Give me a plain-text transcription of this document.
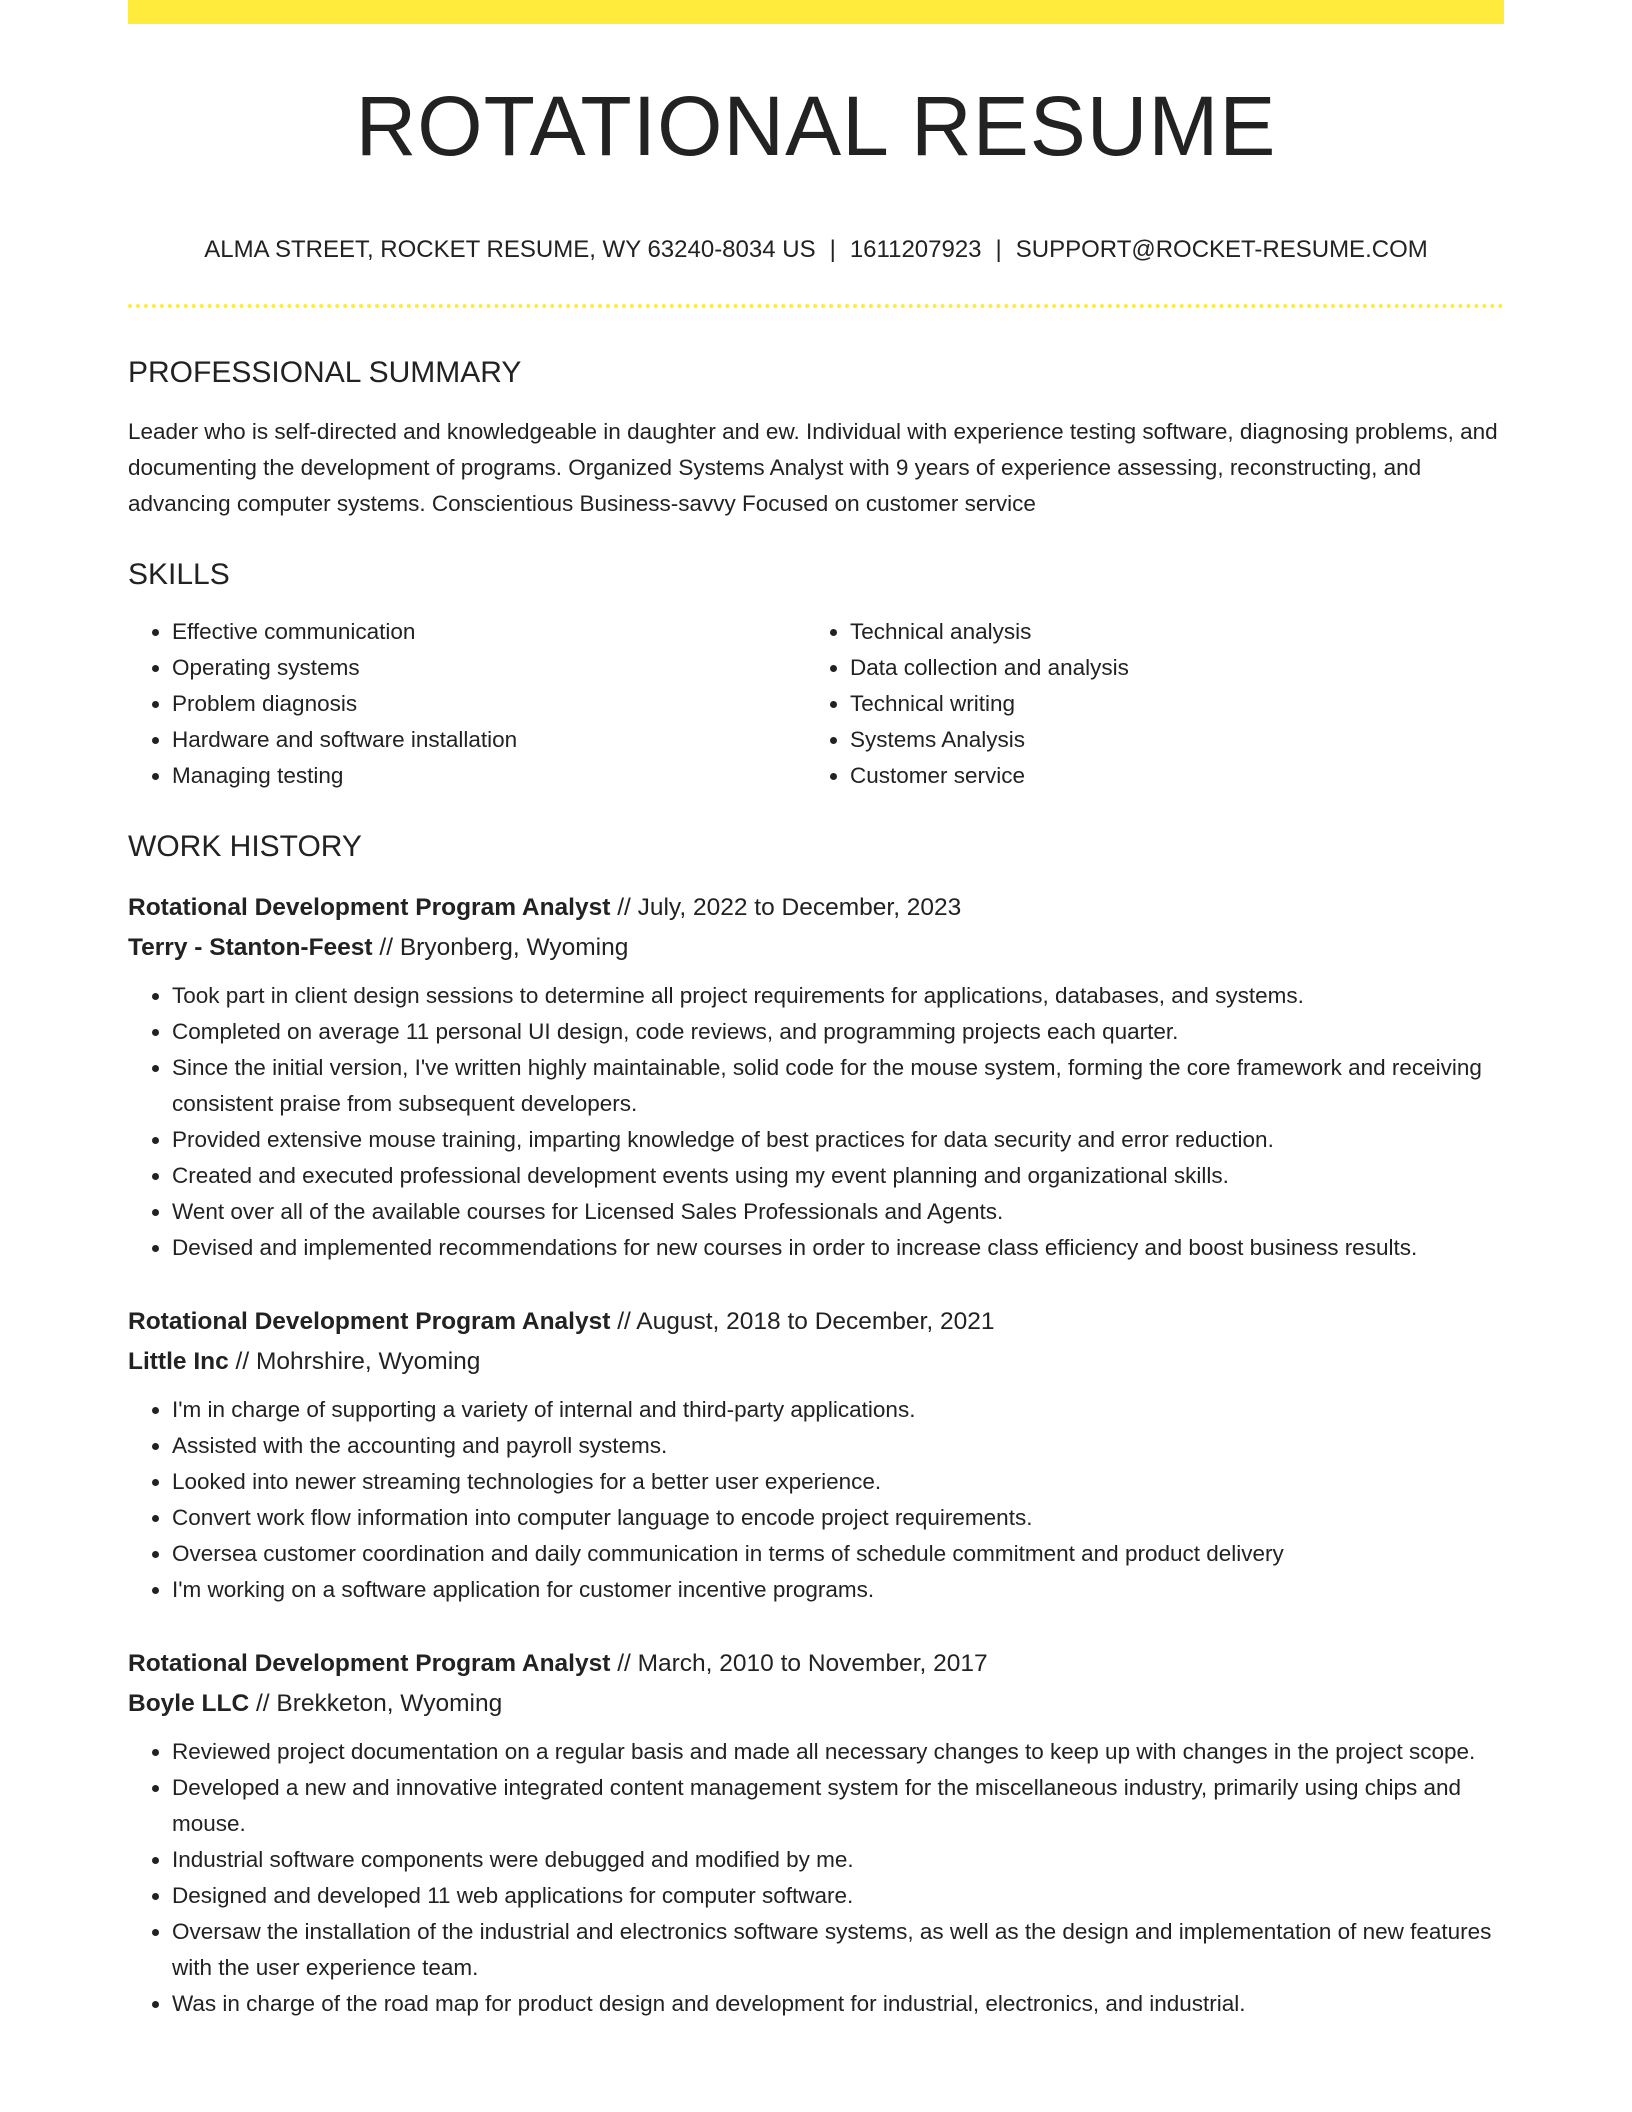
ROTATIONAL RESUME
ALMA STREET, ROCKET RESUME, WY 63240-8034 US | 1611207923 | SUPPORT@ROCKET-RESUME.COM
PROFESSIONAL SUMMARY

Leader who is self-directed and knowledgeable in daughter and ew. Individual with experience testing software, diagnosing problems, and documenting the development of programs. Organized Systems Analyst with 9 years of experience assessing, reconstructing, and advancing computer systems. Conscientious Business-savvy Focused on customer service

SKILLS
• Effective communication
• Operating systems
• Problem diagnosis
• Hardware and software installation
• Managing testing
• Technical analysis
• Data collection and analysis
• Technical writing
• Systems Analysis
• Customer service
WORK HISTORY
Rotational Development Program Analyst // July, 2022 to December, 2023
Terry - Stanton-Feest // Bryonberg, Wyoming
• Took part in client design sessions to determine all project requirements for applications, databases, and systems.
• Completed on average 11 personal UI design, code reviews, and programming projects each quarter.
• Since the initial version, I've written highly maintainable, solid code for the mouse system, forming the core framework and receiving consistent praise from subsequent developers.
• Provided extensive mouse training, imparting knowledge of best practices for data security and error reduction.
• Created and executed professional development events using my event planning and organizational skills.
• Went over all of the available courses for Licensed Sales Professionals and Agents.
• Devised and implemented recommendations for new courses in order to increase class efficiency and boost business results.
Rotational Development Program Analyst // August, 2018 to December, 2021
Little Inc // Mohrshire, Wyoming
• I'm in charge of supporting a variety of internal and third-party applications.
• Assisted with the accounting and payroll systems.
• Looked into newer streaming technologies for a better user experience.
• Convert work flow information into computer language to encode project requirements.
• Oversea customer coordination and daily communication in terms of schedule commitment and product delivery
• I'm working on a software application for customer incentive programs.
Rotational Development Program Analyst // March, 2010 to November, 2017
Boyle LLC // Brekketon, Wyoming
• Reviewed project documentation on a regular basis and made all necessary changes to keep up with changes in the project scope.
• Developed a new and innovative integrated content management system for the miscellaneous industry, primarily using chips and mouse.
• Industrial software components were debugged and modified by me.
• Designed and developed 11 web applications for computer software.
• Oversaw the installation of the industrial and electronics software systems, as well as the design and implementation of new features with the user experience team.
• Was in charge of the road map for product design and development for industrial, electronics, and industrial.
